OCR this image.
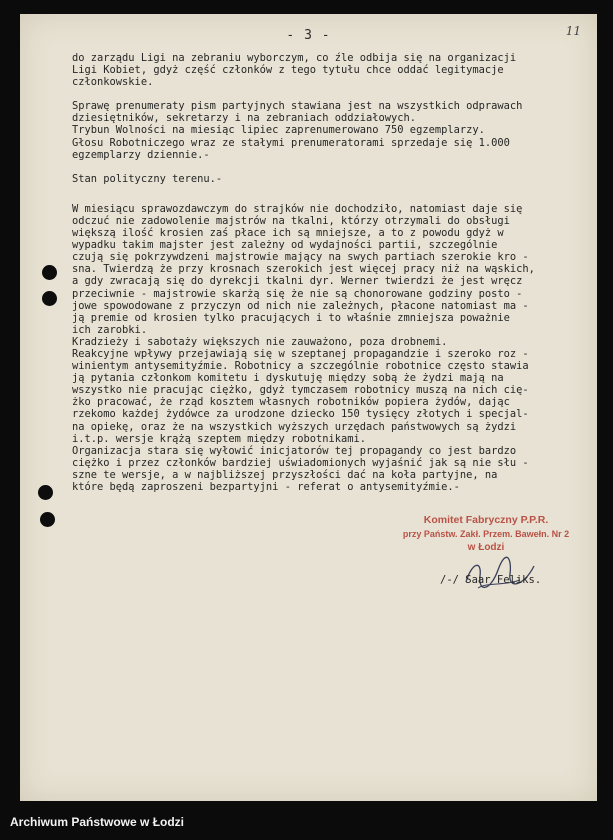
- 3 -	11

do zarządu Ligi na zebraniu wyborczym, co źle odbija się na organizacji

Ligi Kobiet, gdyż część członków z tego tytułu chce oddać legitymacje

członkowskie.

Sprawę prenumeraty pism partyjnych stawiana jest na wszystkich odprawach

dziesiętników, sekretarzy i na zebraniach oddziałowych.

Trybun Wolności na miesiąc lipiec zaprenumerowano 750 egzemplarzy.

Głosu Robotniczego wraz ze stałymi prenumeratorami sprzedaje się 1.000

egzemplarzy dziennie.-

Stan polityczny terenu.-

W miesiącu sprawozdawczym do strajków nie dochodziło, natomiast daje się

odczuć nie zadowolenie majstrów na tkalni, którzy otrzymali do obsługi

większą ilość krosien zaś płace ich są mniejsze, a to z powodu gdyż w

wypadku takim majster jest zależny od wydajności partii, szczególnie

czują się pokrzywdzeni majstrowie mający na swych partiach szerokie kro -

sna. Twierdzą że przy krosnach szerokich jest więcej pracy niż na wąskich,

a gdy zwracają się do dyrekcji tkalni dyr. Werner twierdzi że jest wręcz

przeciwnie - majstrowie skarżą się że nie są chonorowane godziny posto -

jowe spowodowane z przyczyn od nich nie zależnych, płacone natomiast ma -

ją premie od krosien tylko pracujących i to właśnie zmniejsza poważnie

ich zarobki.

Kradzieży i sabotaży większych nie zauważono, poza drobnemi.

Reakcyjne wpływy przejawiają się w szeptanej propagandzie i szeroko roz -

winientym antysemityźmie. Robotnicy a szczególnie robotnice często stawia

ją pytania członkom komitetu i dyskutuję między sobą że żydzi mają na

wszystko nie pracując ciężko, gdyż tymczasem robotnicy muszą na nich cię-

żko pracować, że rząd kosztem własnych robotników popiera żydów, dając

rzekomo każdej żydówce za urodzone dziecko 150 tysięcy złotych i specjal-

na opiekę, oraz że na wszystkich wyższych urzędach państwowych są żydzi

i.t.p. wersje krążą szeptem między robotnikami.

Organizacja stara się wyłowić inicjatorów tej propagandy co jest bardzo

ciężko i przez członków bardziej uświadomionych wyjaśnić jak są nie słu -

szne te wersje, a w najbliższej przyszłości dać na koła partyjne, na

które będą zaproszeni bezpartyjni - referat o antysemityźmie.-

Komitet Fabryczny P.P.R.
przy Państw. Zakł. Przem. Bawełn. Nr 2
w Łodzi
/-/ Saar Feliks.
Archiwum Państwowe w Łodzi
